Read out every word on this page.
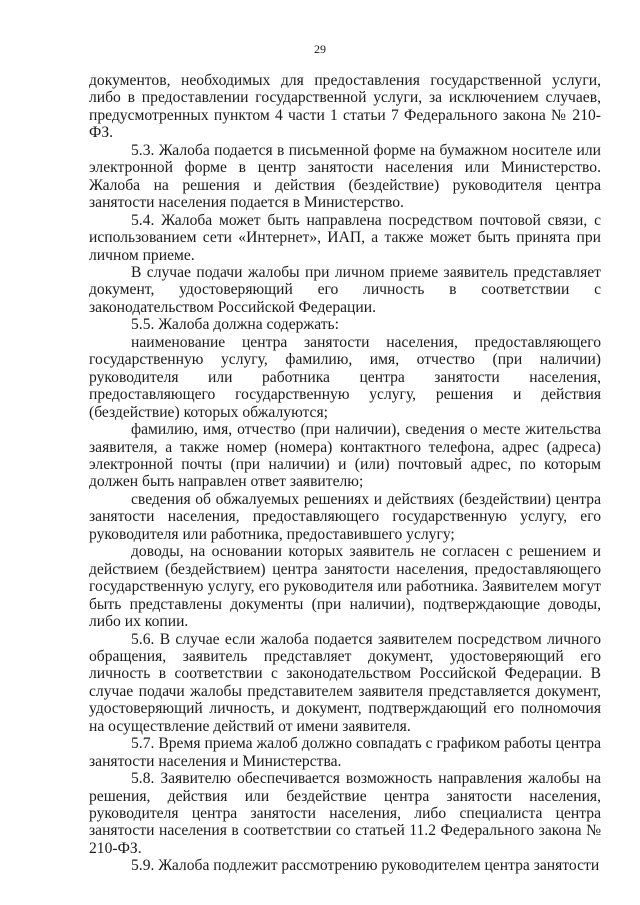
29

документов, необходимых для предоставления государственной услуги, либо в предоставлении государственной услуги, за исключением случаев, предусмотренных пунктом 4 части 1 статьи 7 Федерального закона № 210-ФЗ.

5.3. Жалоба подается в письменной форме на бумажном носителе или электронной форме в центр занятости населения или Министерство. Жалоба на решения и действия (бездействие) руководителя центра занятости населения подается в Министерство.

5.4. Жалоба может быть направлена посредством почтовой связи, с использованием сети «Интернет», ИАП, а также может быть принята при личном приеме.

В случае подачи жалобы при личном приеме заявитель представляет документ, удостоверяющий его личность в соответствии с законодательством Российской Федерации.

5.5. Жалоба должна содержать:

наименование центра занятости населения, предоставляющего государственную услугу, фамилию, имя, отчество (при наличии) руководителя или работника центра занятости населения, предоставляющего государственную услугу, решения и действия (бездействие) которых обжалуются;

фамилию, имя, отчество (при наличии), сведения о месте жительства заявителя, а также номер (номера) контактного телефона, адрес (адреса) электронной почты (при наличии) и (или) почтовый адрес, по которым должен быть направлен ответ заявителю;

сведения об обжалуемых решениях и действиях (бездействии) центра занятости населения, предоставляющего государственную услугу, его руководителя или работника, предоставившего услугу;

доводы, на основании которых заявитель не согласен с решением и действием (бездействием) центра занятости населения, предоставляющего государственную услугу, его руководителя или работника. Заявителем могут быть представлены документы (при наличии), подтверждающие доводы, либо их копии.

5.6. В случае если жалоба подается заявителем посредством личного обращения, заявитель представляет документ, удостоверяющий его личность в соответствии с законодательством Российской Федерации. В случае подачи жалобы представителем заявителя представляется документ, удостоверяющий личность, и документ, подтверждающий его полномочия на осуществление действий от имени заявителя.

5.7. Время приема жалоб должно совпадать с графиком работы центра занятости населения и Министерства.

5.8. Заявителю обеспечивается возможность направления жалобы на решения, действия или бездействие центра занятости населения, руководителя центра занятости населения, либо специалиста центра занятости населения в соответствии со статьей 11.2 Федерального закона № 210-ФЗ.

5.9. Жалоба подлежит рассмотрению руководителем центра занятости
